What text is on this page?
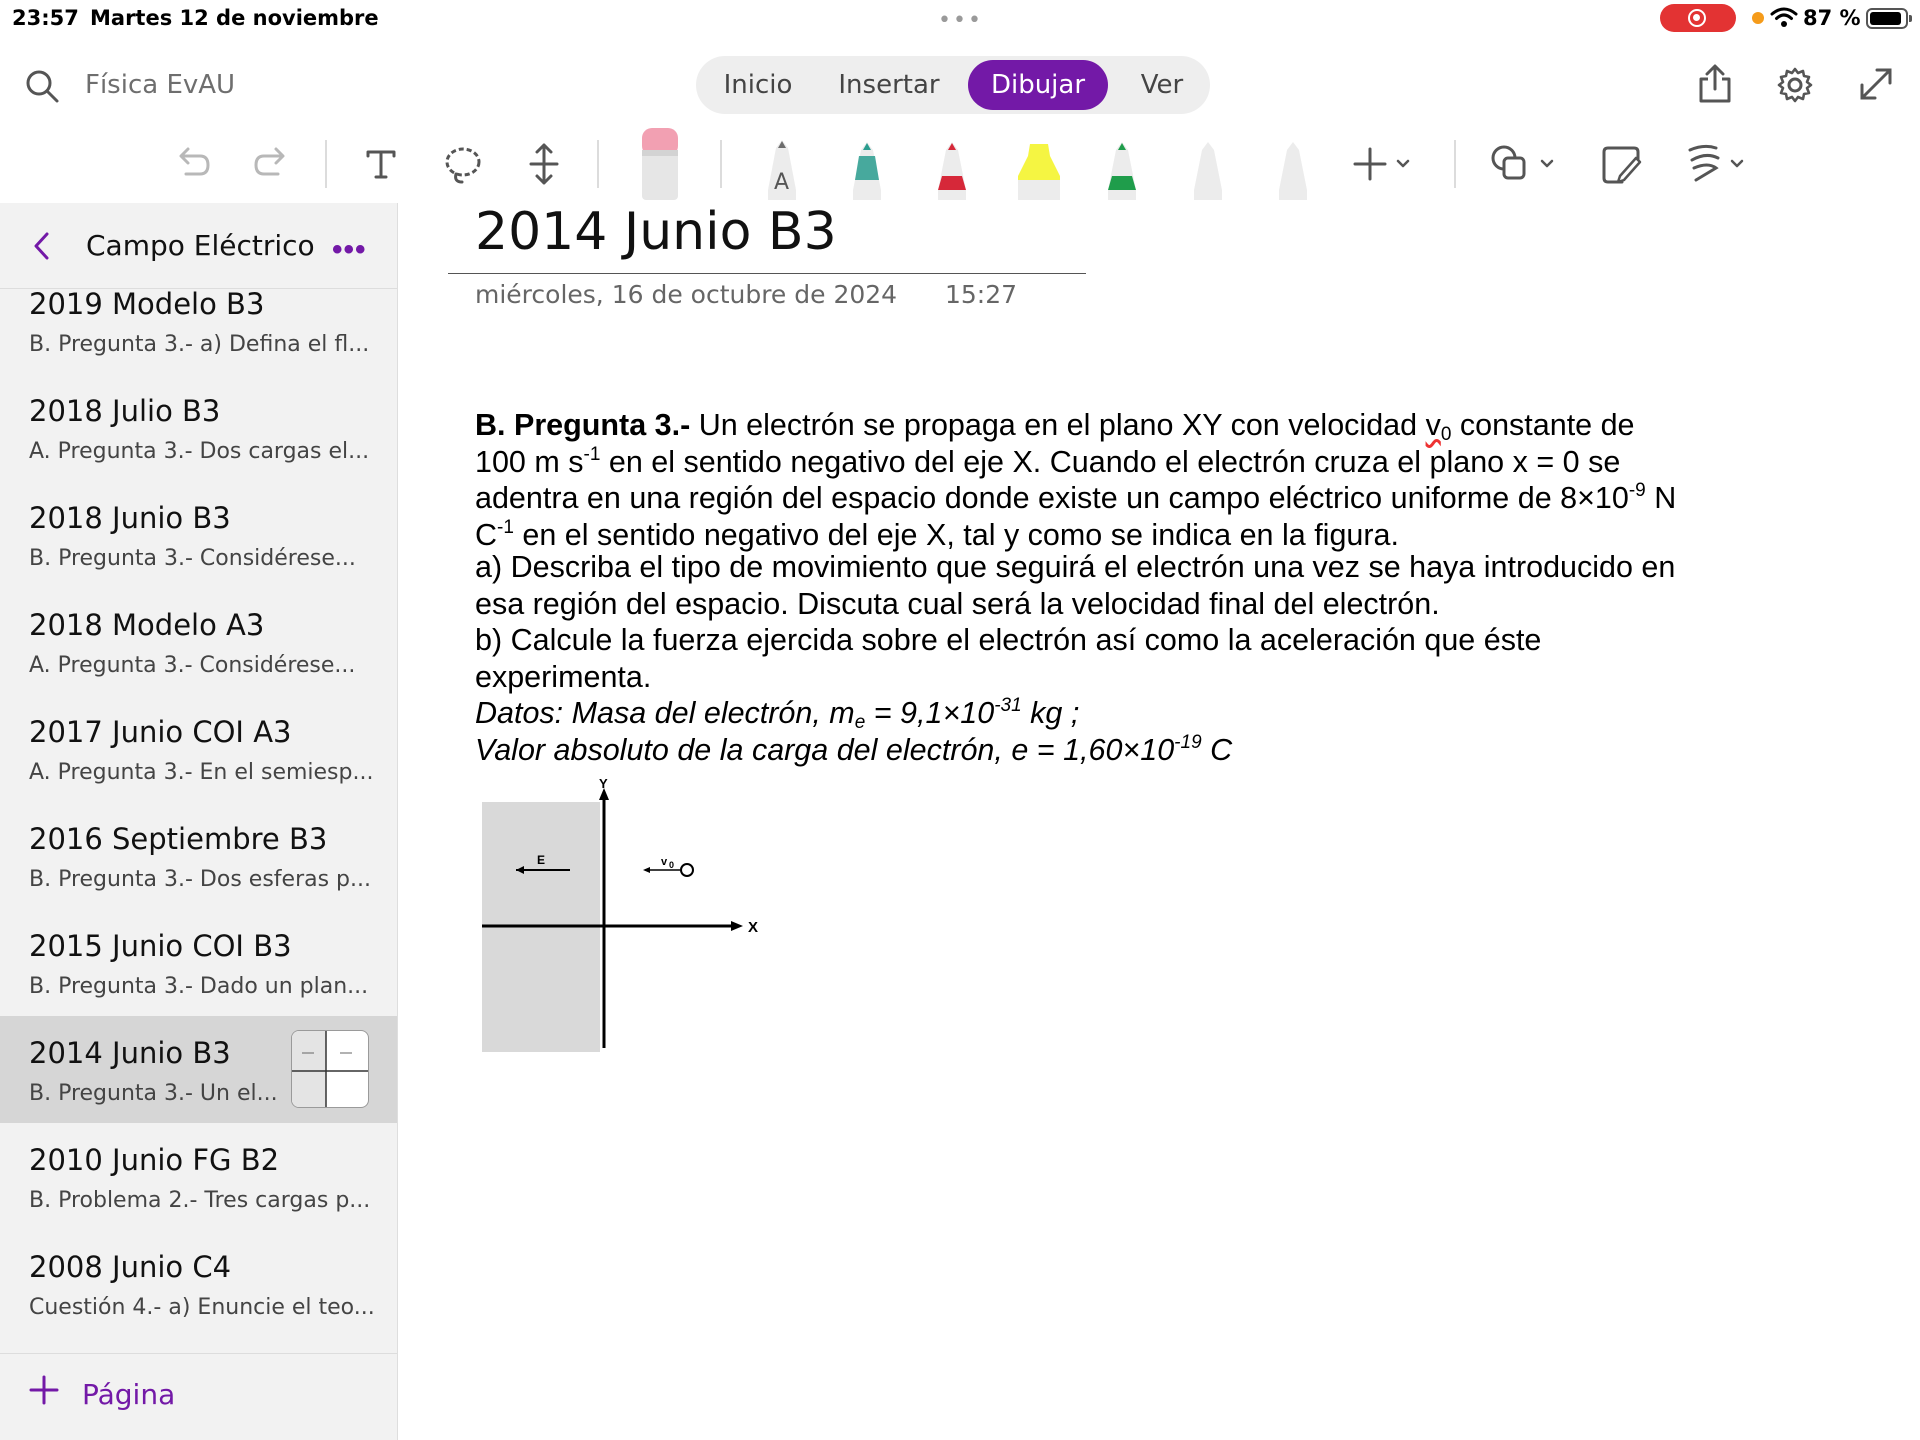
23:57 Martes 12 de noviembre	•••	87 %
Física EvAU	Inicio	Insertar	Dibujar	Ver
A
Campo Eléctrico •••
2019 Modelo B3
B. Pregunta 3.- a) Defina el fl...
2018 Julio B3
A. Pregunta 3.- Dos cargas el...
2018 Junio B3
B. Pregunta 3.- Considérese...
2018 Modelo A3
A. Pregunta 3.- Considérese...
2017 Junio COI A3
A. Pregunta 3.- En el semiesp...
2016 Septiembre B3
B. Pregunta 3.- Dos esferas p...
2015 Junio COI B3
B. Pregunta 3.- Dado un plan...
2014 Junio B3
B. Pregunta 3.- Un el...
2010 Junio FG B2
B. Problema 2.- Tres cargas p...
2008 Junio C4
Cuestión 4.- a) Enuncie el teo...
Página
2014 Junio B3
miércoles, 16 de octubre de 2024 15:27

B. Pregunta 3.- Un electrón se propaga en el plano XY con velocidad $v_0$ constante de

100 m $s^{-1}$ en el sentido negativo del eje X. Cuando el electrón cruza el plano x = 0 se

adentra en una región del espacio donde existe un campo eléctrico uniforme de $8\times 10^{-9}$ N

$C^{-1}$ en el sentido negativo del eje X, tal y como se indica en la figura.

a) Describa el tipo de movimiento que seguirá el electrón una vez se haya introducido en

esa región del espacio. Discuta cual será la velocidad final del electrón.

b) Calcule la fuerza ejercida sobre el electrón así como la aceleración que éste

experimenta.

Datos: Masa del electrón, $m_e = 9,1\times 10^{-31}$ kg ;

Valor absoluto de la carga del electrón, $e = 1,60\times 10^{-19}$ C

Y
X
E	v 0
